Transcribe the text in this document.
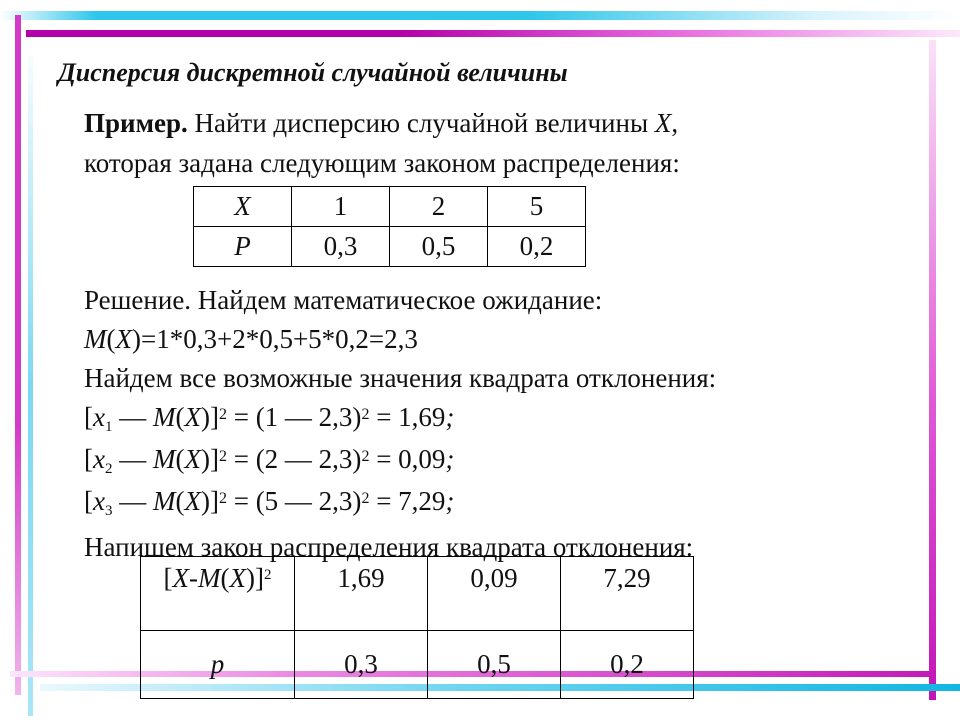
Дисперсия дискретной случайной величины
Пример. Найти дисперсию случайной величины X,
которая задана следующим законом распределения:
X	1	2	5
P	0,3	0,5	0,2
Решение. Найдем математическое ожидание:
M(X)=1*0,3+2*0,5+5*0,2=2,3
Найдем все возможные значения квадрата отклонения:
[$x_1$ — M(X)]$^2$ = (1 — 2,3)$^2$ = 1,69;
[$x_2$ — M(X)]$^2$ = (2 — 2,3)$^2$ = 0,09;
[$x_3$ — M(X)]$^2$ = (5 — 2,3)$^2$ = 7,29;
Напишем закон распределения квадрата отклонения:
$[X-M(X)]^2$	1,69	0,09	7,29
p	0,3	0,5	0,2
